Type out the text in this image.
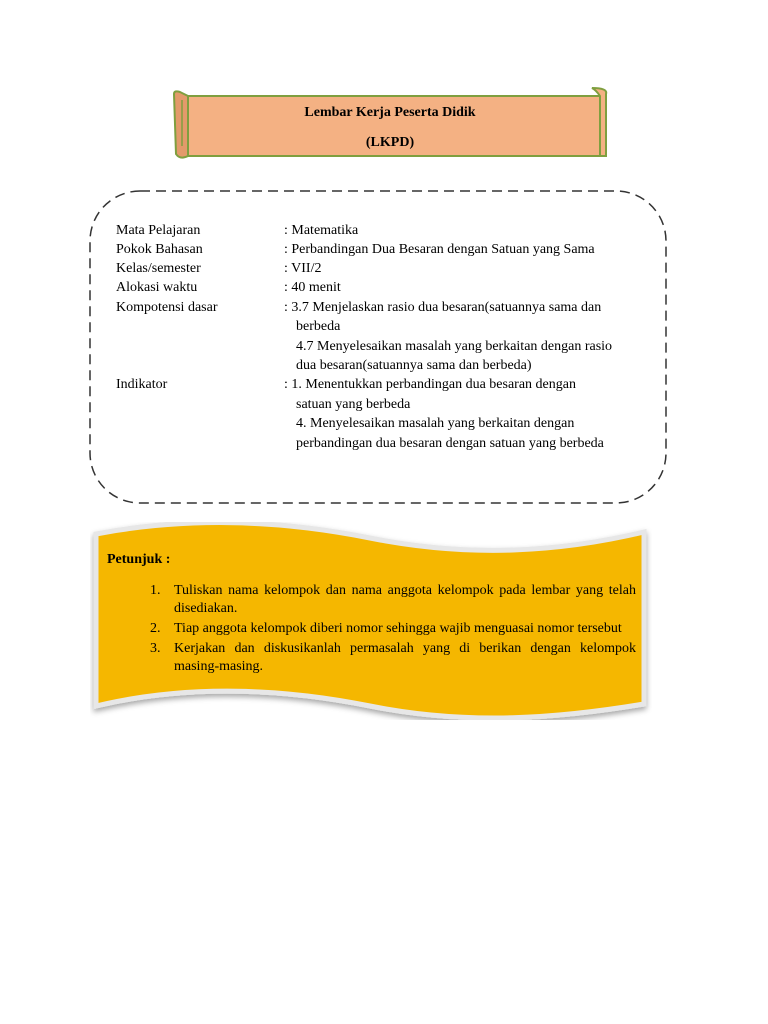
Lembar Kerja Peserta Didik
(LKPD)
Mata Pelajaran	: Matematika
Pokok Bahasan	: Perbandingan Dua Besaran dengan Satuan yang Sama
Kelas/semester	: VII/2
Alokasi waktu	: 40 menit
Kompotensi dasar	: 3.7 Menjelaskan rasio dua besaran(satuannya sama dan
berbeda
4.7 Menyelesaikan masalah yang berkaitan dengan rasio
dua besaran(satuannya sama dan berbeda)
Indikator	: 1. Menentukkan perbandingan dua besaran dengan
satuan yang berbeda
4. Menyelesaikan masalah yang berkaitan dengan
perbandingan dua besaran dengan satuan yang berbeda
Petunjuk :
1. Tuliskan nama kelompok dan nama anggota kelompok pada lembar yang telah disediakan.
2. Tiap anggota kelompok diberi nomor sehingga wajib menguasai nomor tersebut
3. Kerjakan dan diskusikanlah permasalah yang di berikan dengan kelompok masing-masing.
